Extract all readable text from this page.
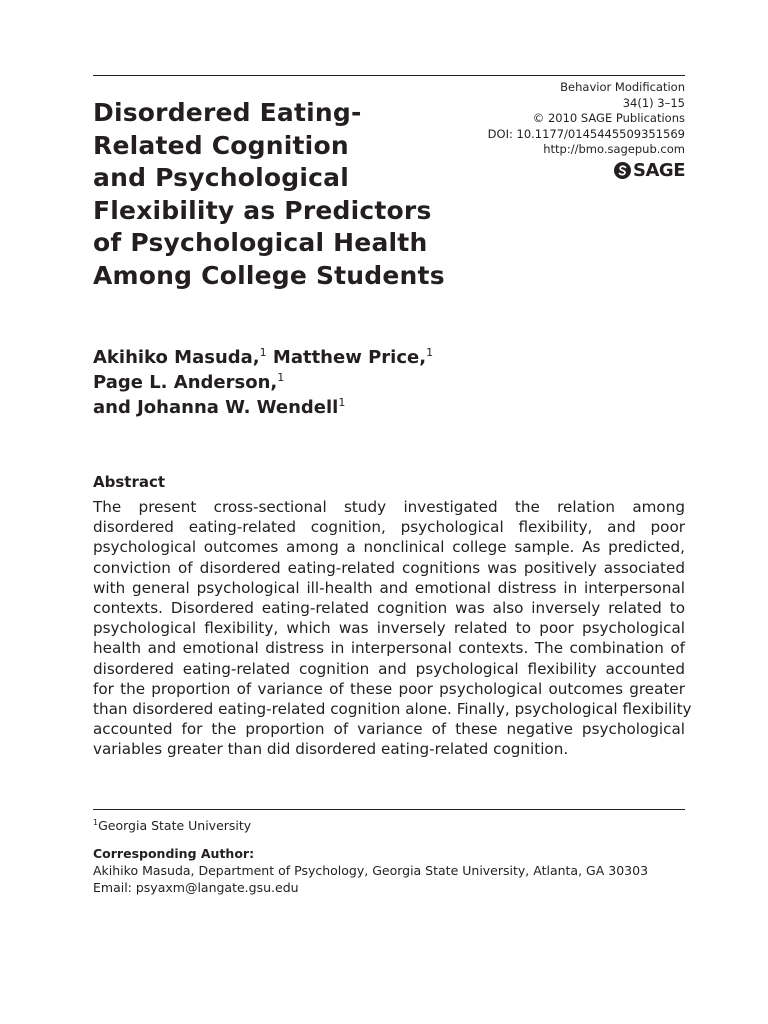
Behavior Modification
34(1) 3–15
© 2010 SAGE Publications
DOI: 10.1177/0145445509351569
http://bmo.sagepub.com
SAGE
Disordered Eating-
Related Cognition
and Psychological
Flexibility as Predictors
of Psychological Health
Among College Students
Akihiko Masuda,$^1$ Matthew Price,$^1$
Page L. Anderson,$^1$
and Johanna W. Wendell$^1$
Abstract
The present cross-sectional study investigated the relation among
disordered eating-related cognition, psychological flexibility, and poor
psychological outcomes among a nonclinical college sample. As predicted,
conviction of disordered eating-related cognitions was positively associated
with general psychological ill-health and emotional distress in interpersonal
contexts. Disordered eating-related cognition was also inversely related to
psychological flexibility, which was inversely related to poor psychological
health and emotional distress in interpersonal contexts. The combination of
disordered eating-related cognition and psychological flexibility accounted
for the proportion of variance of these poor psychological outcomes greater
than disordered eating-related cognition alone. Finally, psychological flexibility
accounted for the proportion of variance of these negative psychological
variables greater than did disordered eating-related cognition.
$^1$Georgia State University
Corresponding Author:
Akihiko Masuda, Department of Psychology, Georgia State University, Atlanta, GA 30303
Email: psyaxm@langate.gsu.edu
